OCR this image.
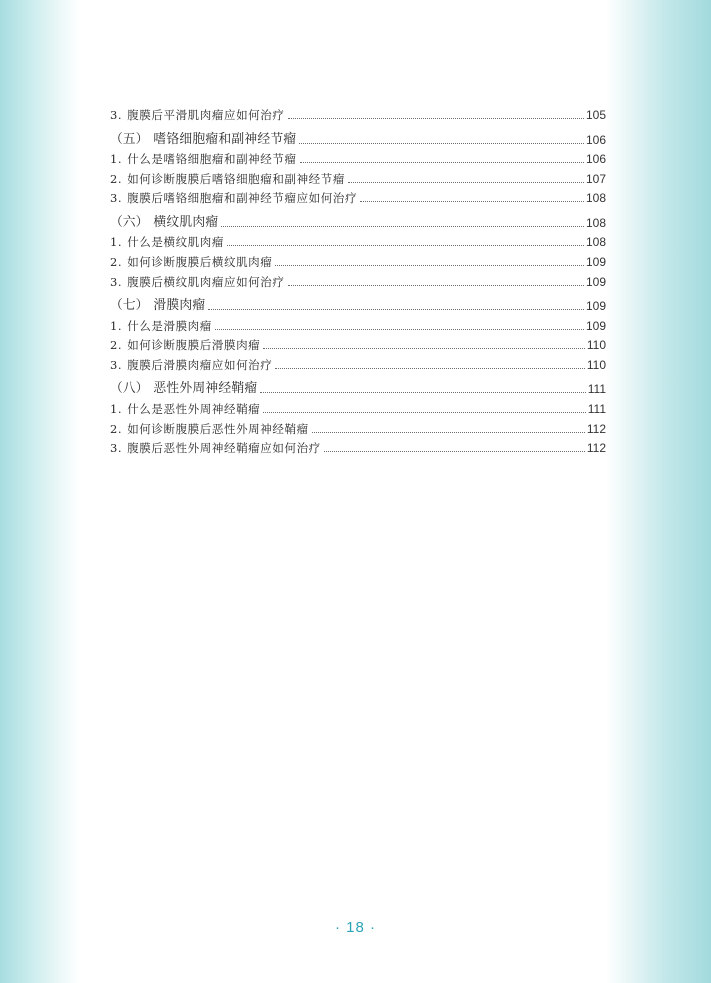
3. 腹膜后平滑肌肉瘤应如何治疗	105
（五） 嗜铬细胞瘤和副神经节瘤	106
1. 什么是嗜铬细胞瘤和副神经节瘤	106
2. 如何诊断腹膜后嗜铬细胞瘤和副神经节瘤	107
3. 腹膜后嗜铬细胞瘤和副神经节瘤应如何治疗	108
（六） 横纹肌肉瘤	108
1. 什么是横纹肌肉瘤	108
2. 如何诊断腹膜后横纹肌肉瘤	109
3. 腹膜后横纹肌肉瘤应如何治疗	109
（七） 滑膜肉瘤	109
1. 什么是滑膜肉瘤	109
2. 如何诊断腹膜后滑膜肉瘤	110
3. 腹膜后滑膜肉瘤应如何治疗	110
（八） 恶性外周神经鞘瘤	111
1. 什么是恶性外周神经鞘瘤	111
2. 如何诊断腹膜后恶性外周神经鞘瘤	112
3. 腹膜后恶性外周神经鞘瘤应如何治疗	112
· 18 ·
